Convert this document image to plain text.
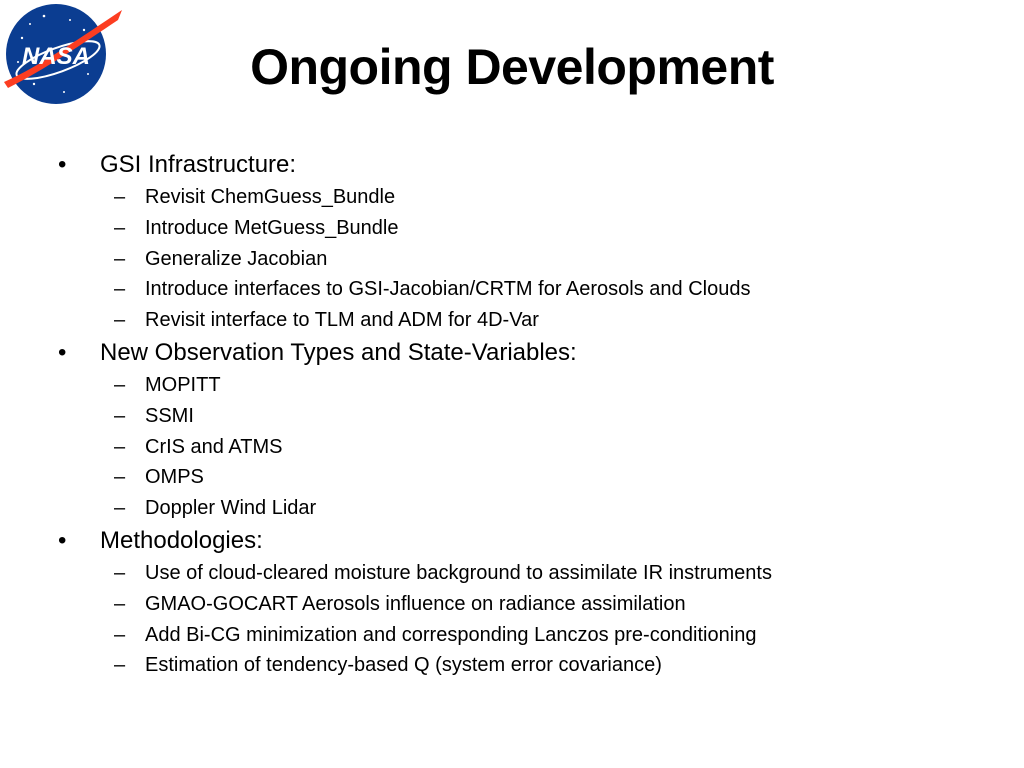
NASA	Ongoing Development
• GSI Infrastructure:
– Revisit ChemGuess_Bundle
– Introduce MetGuess_Bundle
– Generalize Jacobian
– Introduce interfaces to GSI-Jacobian/CRTM for Aerosols and Clouds
– Revisit interface to TLM and ADM for 4D-Var
• New Observation Types and State-Variables:
– MOPITT
– SSMI
– CrIS and ATMS
– OMPS
– Doppler Wind Lidar
• Methodologies:
– Use of cloud-cleared moisture background to assimilate IR instruments
– GMAO-GOCART Aerosols influence on radiance assimilation
– Add Bi-CG minimization and corresponding Lanczos pre-conditioning
– Estimation of tendency-based Q (system error covariance)
